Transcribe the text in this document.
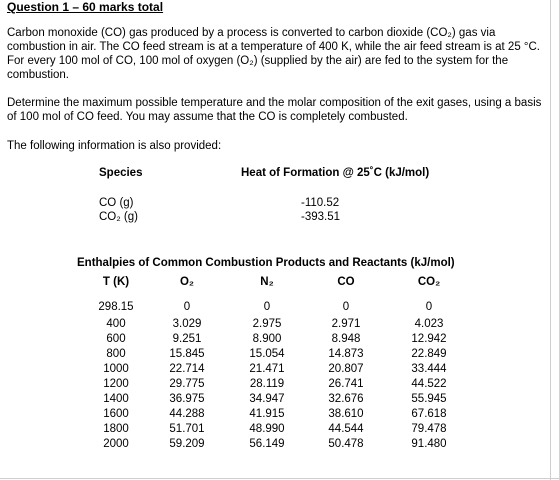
Question 1 – 60 marks total

Carbon monoxide (CO) gas produced by a process is converted to carbon dioxide (CO₂) gas via combustion in air. The CO feed stream is at a temperature of 400 K, while the air feed stream is at 25 °C. For every 100 mol of CO, 100 mol of oxygen (O₂) (supplied by the air) are fed to the system for the combustion.

Determine the maximum possible temperature and the molar composition of the exit gases, using a basis of 100 mol of CO feed. You may assume that the CO is completely combusted.

The following information is also provided:

Species	Heat of Formation @ 25˚C (kJ/mol)

CO (g)	-110.52
CO₂ (g)	-393.51
Enthalpies of Common Combustion Products and Reactants (kJ/mol)
T (K)	O₂	N₂	CO	CO₂
298.15	0	0	0	0
400	3.029	2.975	2.971	4.023
600	9.251	8.900	8.948	12.942
800	15.845	15.054	14.873	22.849
1000	22.714	21.471	20.807	33.444
1200	29.775	28.119	26.741	44.522
1400	36.975	34.947	32.676	55.945
1600	44.288	41.915	38.610	67.618
1800	51.701	48.990	44.544	79.478
2000	59.209	56.149	50.478	91.480
